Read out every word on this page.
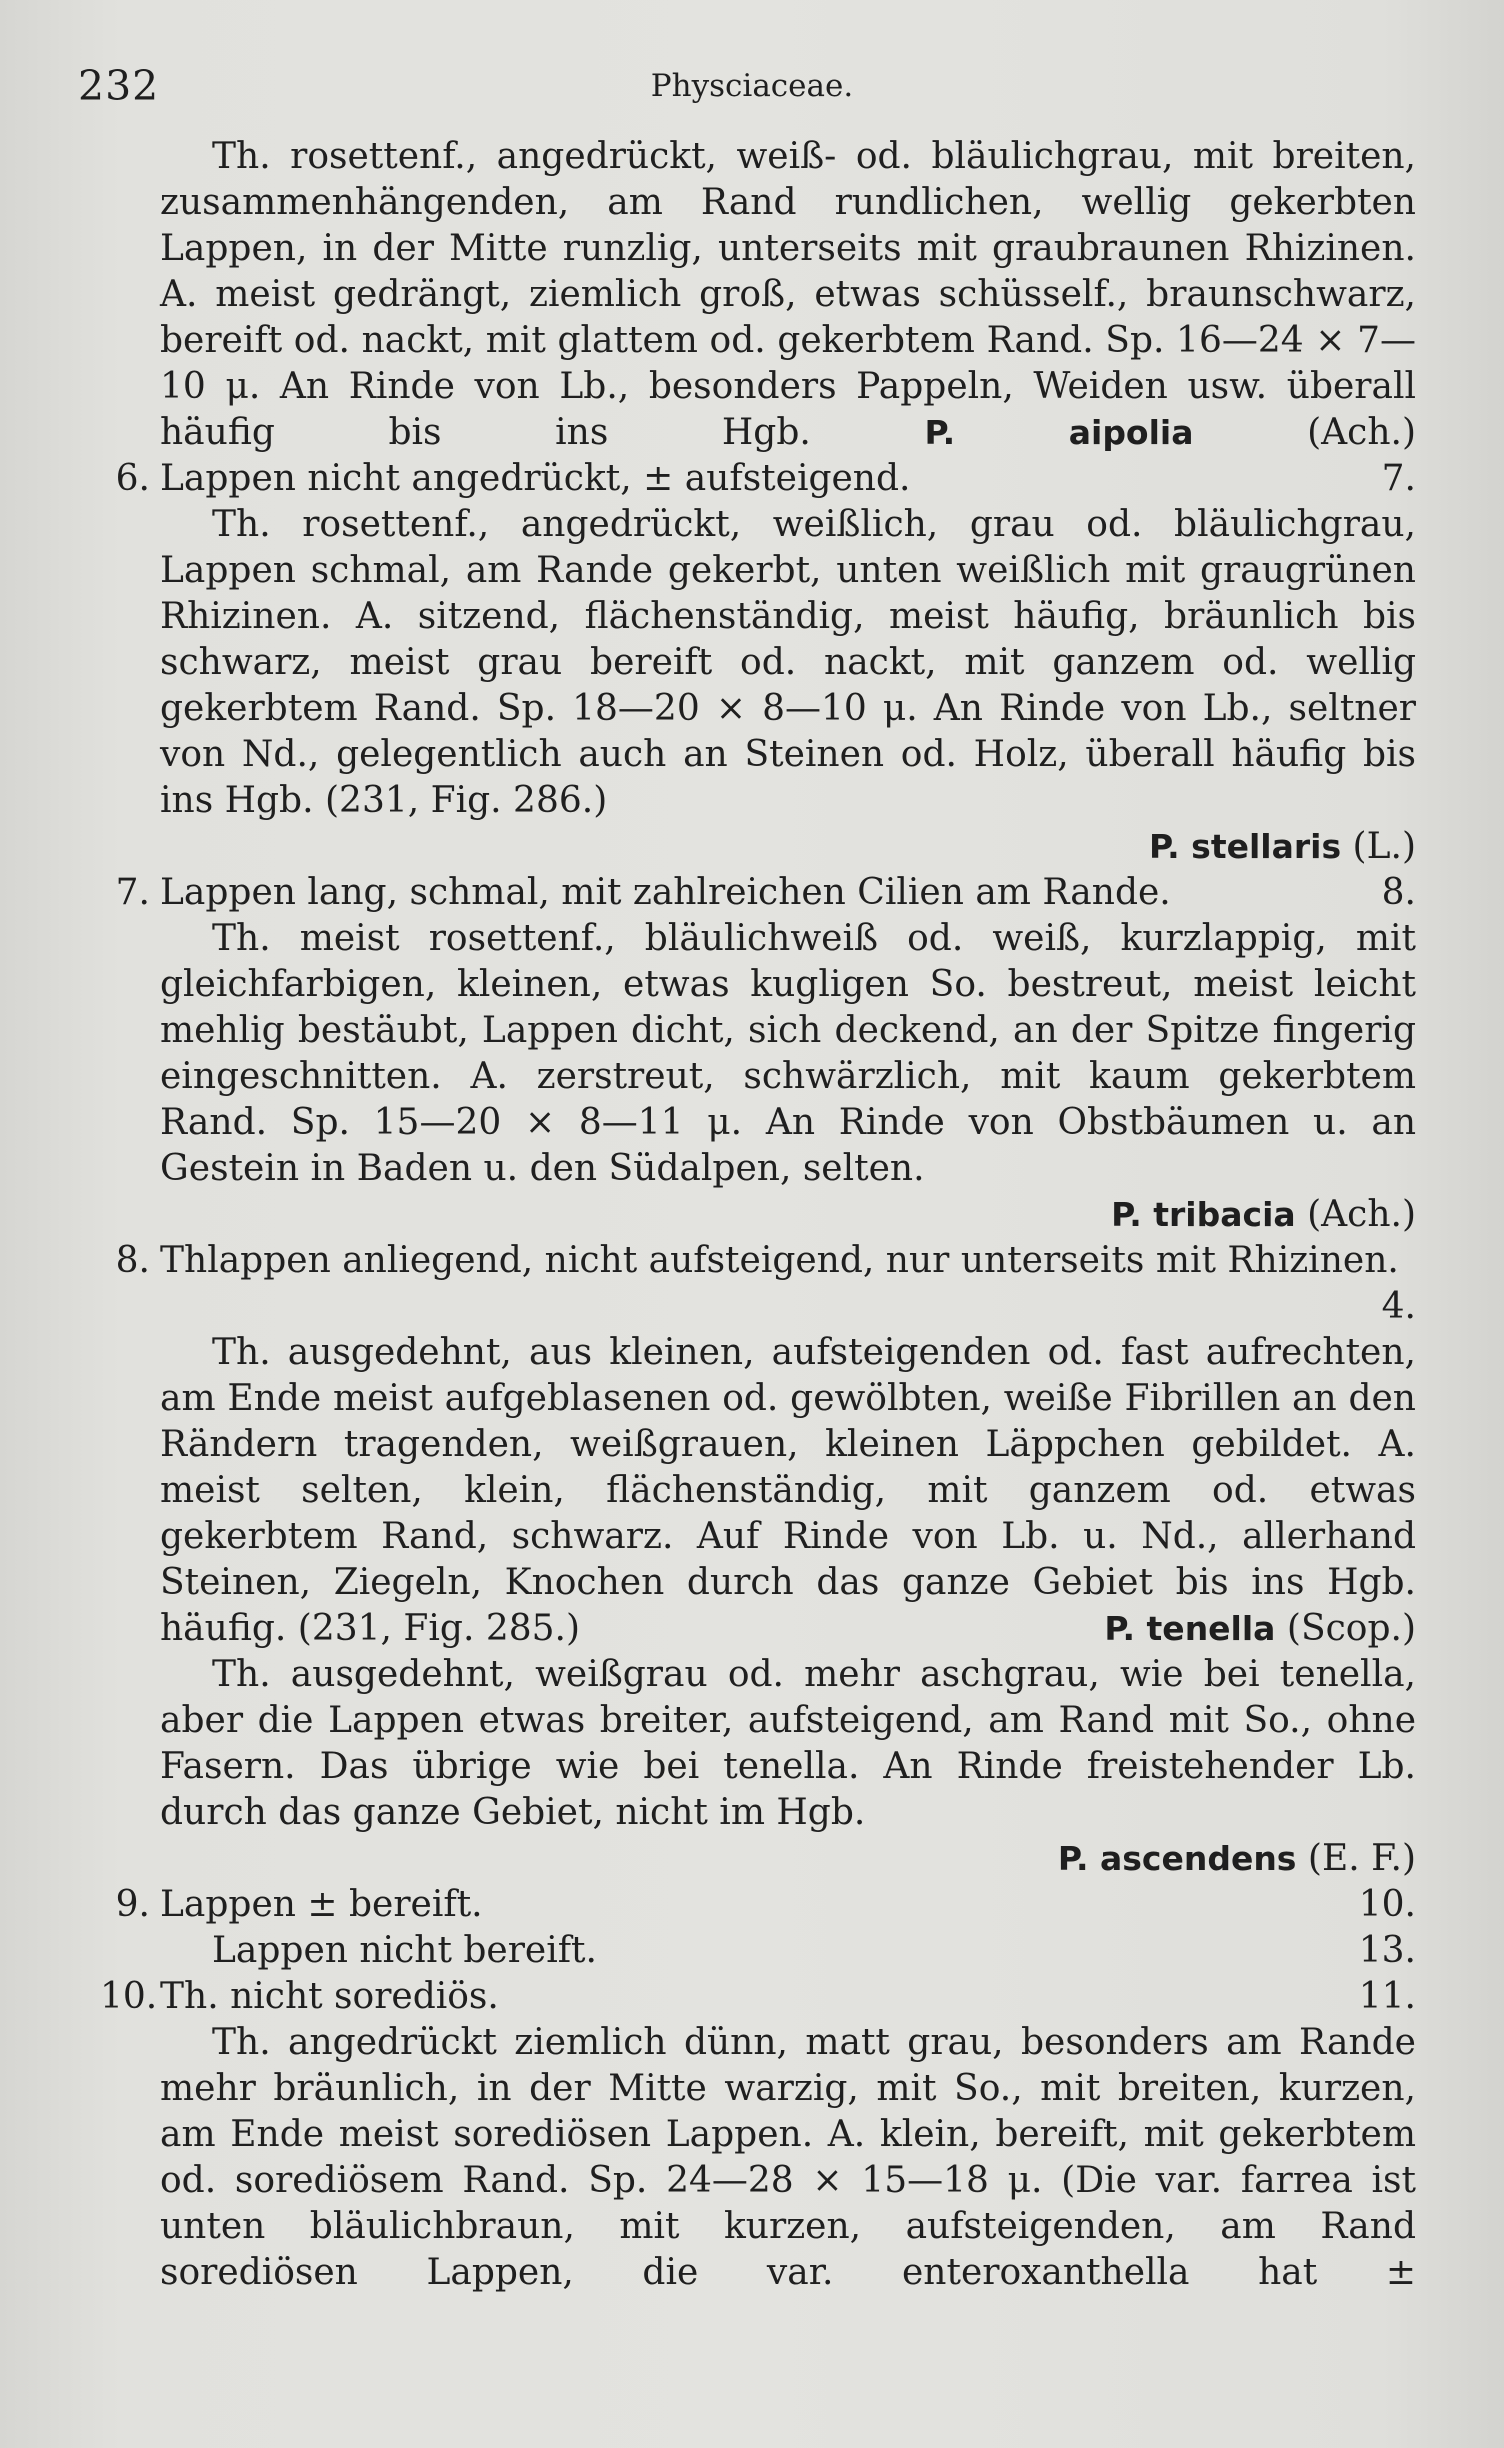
232	Physciaceae.

Th. rosettenf., angedrückt, weiß- od. bläulichgrau, mit breiten, zusammenhängenden, am Rand rundlichen, wellig gekerbten Lappen, in der Mitte runzlig, unterseits mit graubraunen Rhizinen. A. meist gedrängt, ziemlich groß, etwas schüsself., braunschwarz, bereift od. nackt, mit glattem od. gekerbtem Rand. Sp. 16—24 × 7—10 μ. An Rinde von Lb., besonders Pappeln, Weiden usw. überall häufig bis ins Hgb.	P.	aipolia	(Ach.)

6. Lappen nicht angedrückt, ± aufsteigend.	7.

Th. rosettenf., angedrückt, weißlich, grau od. bläulichgrau, Lappen schmal, am Rande gekerbt, unten weißlich mit graugrünen Rhizinen. A. sitzend, flächenständig, meist häufig, bräunlich bis schwarz, meist grau bereift od. nackt, mit ganzem od. wellig gekerbtem Rand. Sp. 18—20 × 8—10 μ. An Rinde von Lb., seltner von Nd., gelegentlich auch an Steinen od. Holz, überall häufig bis ins Hgb. (231, Fig. 286.)

P. stellaris (L.)

7. Lappen lang, schmal, mit zahlreichen Cilien am Rande.	8.

Th. meist rosettenf., bläulichweiß od. weiß, kurzlappig, mit gleichfarbigen, kleinen, etwas kugligen So. bestreut, meist leicht mehlig bestäubt, Lappen dicht, sich deckend, an der Spitze fingerig eingeschnitten. A. zerstreut, schwärzlich, mit kaum gekerbtem Rand. Sp. 15—20 × 8—11 μ. An Rinde von Obstbäumen u. an Gestein in Baden u. den Südalpen, selten.

P. tribacia (Ach.)

8. Thlappen anliegend, nicht aufsteigend, nur unterseits mit Rhizinen.
4.

Th. ausgedehnt, aus kleinen, aufsteigenden od. fast aufrechten, am Ende meist aufgeblasenen od. gewölbten, weiße Fibrillen an den Rändern tragenden, weißgrauen, kleinen Läppchen gebildet. A. meist selten, klein, flächenständig, mit ganzem od. etwas gekerbtem Rand, schwarz. Auf Rinde von Lb. u. Nd., allerhand Steinen, Ziegeln, Knochen durch das ganze Gebiet bis ins Hgb.

häufig. (231, Fig. 285.)	P. tenella (Scop.)

Th. ausgedehnt, weißgrau od. mehr aschgrau, wie bei tenella, aber die Lappen etwas breiter, aufsteigend, am Rand mit So., ohne Fasern. Das übrige wie bei tenella. An Rinde freistehender Lb. durch das ganze Gebiet, nicht im Hgb.

P. ascendens (E. F.)

9. Lappen ± bereift.	10.
Lappen nicht bereift.	13.
10. Th. nicht sorediös.	11.

Th. angedrückt ziemlich dünn, matt grau, besonders am Rande mehr bräunlich, in der Mitte warzig, mit So., mit breiten, kurzen, am Ende meist sorediösen Lappen. A. klein, bereift, mit gekerbtem od. sorediösem Rand. Sp. 24—28 × 15—18 μ. (Die var. farrea ist unten bläulichbraun, mit kurzen, aufsteigenden, am Rand sorediösen Lappen, die var. enteroxanthella hat ±
